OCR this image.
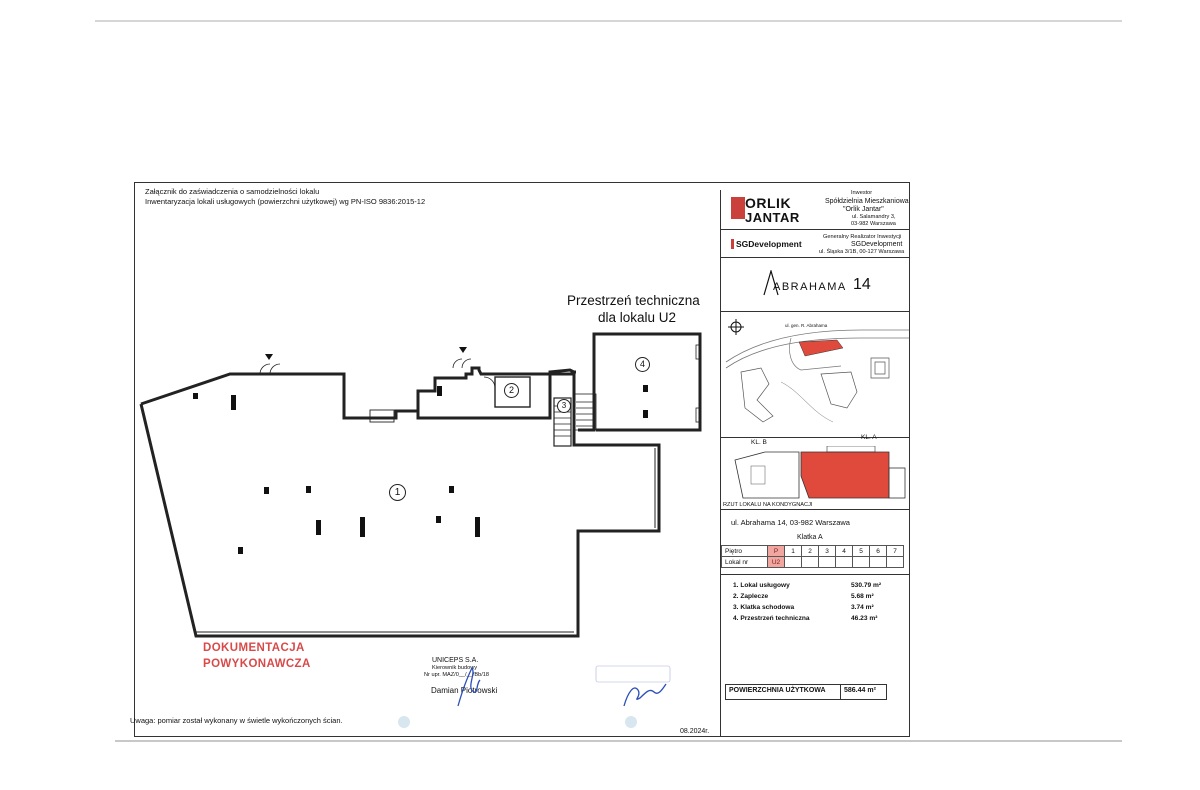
Załącznik do zaświadczenia o samodzielności lokalu
Inwentaryzacja lokali usługowych (powierzchni użytkowej) wg PN-ISO 9836:2015-12
1
2
3
4
Przestrzeń techniczna
dla lokalu U2
DOKUMENTACJA
POWYKONAWCZA	UNICEPS S.A.
Kierownik budowy
Nr upr. MAZ/0__/__/Bb/18
Damian Piotrowski
Uwaga: pomiar został wykonany w świetle wykończonych ścian.
08.2024r.
ORLIK
JANTAR
Inwestor
Spółdzielnia Mieszkaniowa
"Orlik Jantar"
ul. Salamandry 3,
03-982 Warszawa
SGDevelopment
Generalny Realizator Inwestycji
SGDevelopment
ul. Śląska 3/1B, 00-127 Warszawa
ABRAHAMA 14
ul. gen. R. Abrahama
KL. B
KL. A
RZUT LOKALU NA KONDYGNACJI
ul. Abrahama 14, 03-982 Warszawa
Klatka A
Piętro	P	1	2	3	4	5	6	7
Lokal nr	U2							
1. Lokal usługowy	530.79 m²
2. Zaplecze	5.68 m²
3. Klatka schodowa	3.74 m²
4. Przestrzeń techniczna	46.23 m²
POWIERZCHNIA UŻYTKOWA	586.44 m²
